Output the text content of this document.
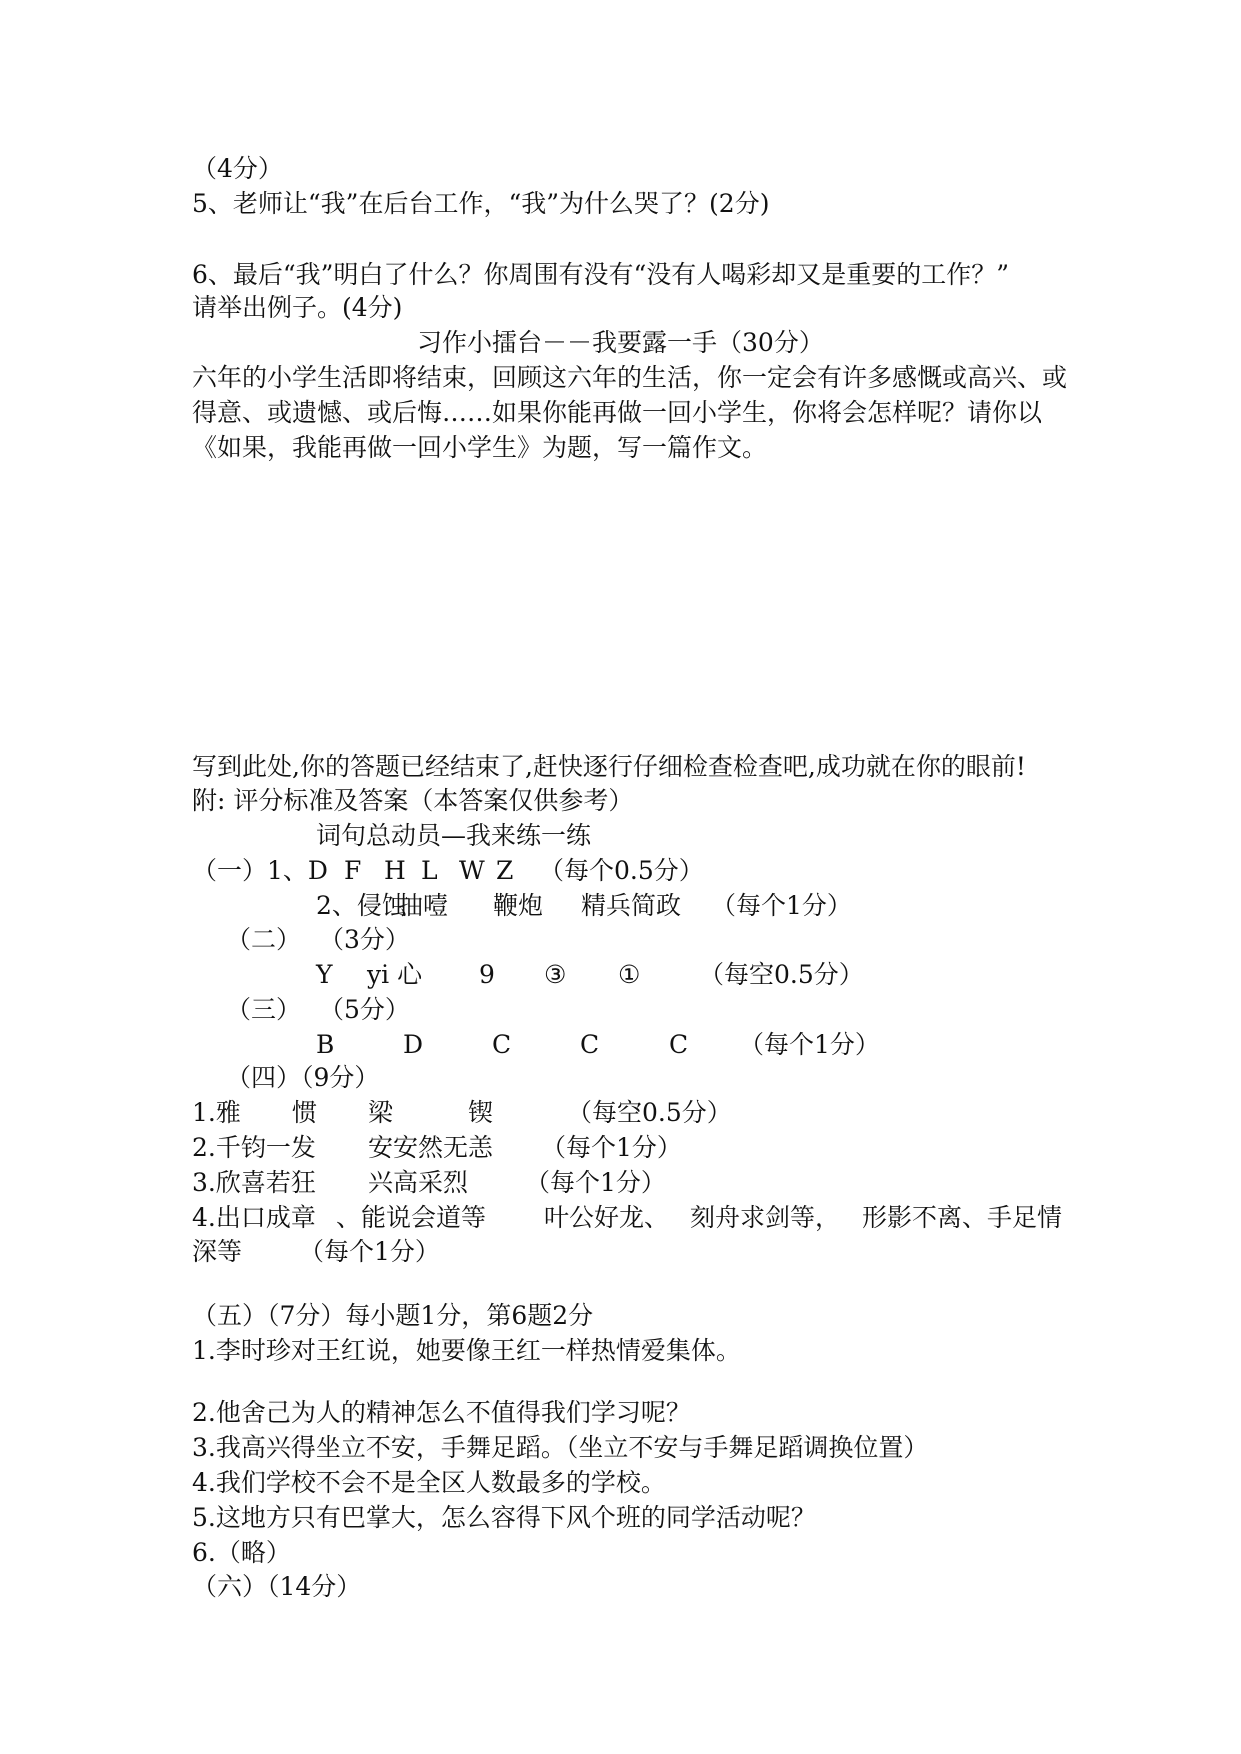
（4分）
5、老师让“我”在后台工作，“我”为什么哭了？(2分)
6、最后“我”明白了什么？你周围有没有“没有人喝彩却又是重要的工作？”
请举出例子。(4分)
习作小擂台－－我要露一手（30分）
六年的小学生活即将结束，回顾这六年的生活，你一定会有许多感慨或高兴、或
得意、或遗憾、或后悔……如果你能再做一回小学生，你将会怎样呢？请你以
《如果，我能再做一回小学生》为题，写一篇作文。
写到此处,你的答题已经结束了,赶快逐行仔细检查检查吧,成功就在你的眼前!
附: 评分标准及答案（本答案仅供参考）
词句总动员—我来练一练
（一）1、D F H L W Z （每个0.5分）
2、侵蚀
抽噎 鞭炮 精兵简政 （每个1分）
（二） （3分）
Y yi 心 9 ③ ① （每空0.5分）
（三） （5分）
B	D	C	C	C （每个1分）
（四）（9分）
1.雅 惯 梁	锲	（每空0.5分）
2.千钧一发 安安然无恙 （每个1分）
3.欣喜若狂 兴高采烈 （每个1分）
4.出口成章 、能说会道等 叶公好龙、 刻舟求剑等， 形影不离、手足情
深等 （每个1分）
（五）（7分）每小题1分，第6题2分
1.李时珍对王红说，她要像王红一样热情爱集体。
2.他舍己为人的精神怎么不值得我们学习呢？
3.我高兴得坐立不安，手舞足蹈。（坐立不安与手舞足蹈调换位置）
4.我们学校不会不是全区人数最多的学校。
5.这地方只有巴掌大，怎么容得下风个班的同学活动呢？
6.（略）
（六）（14分）
